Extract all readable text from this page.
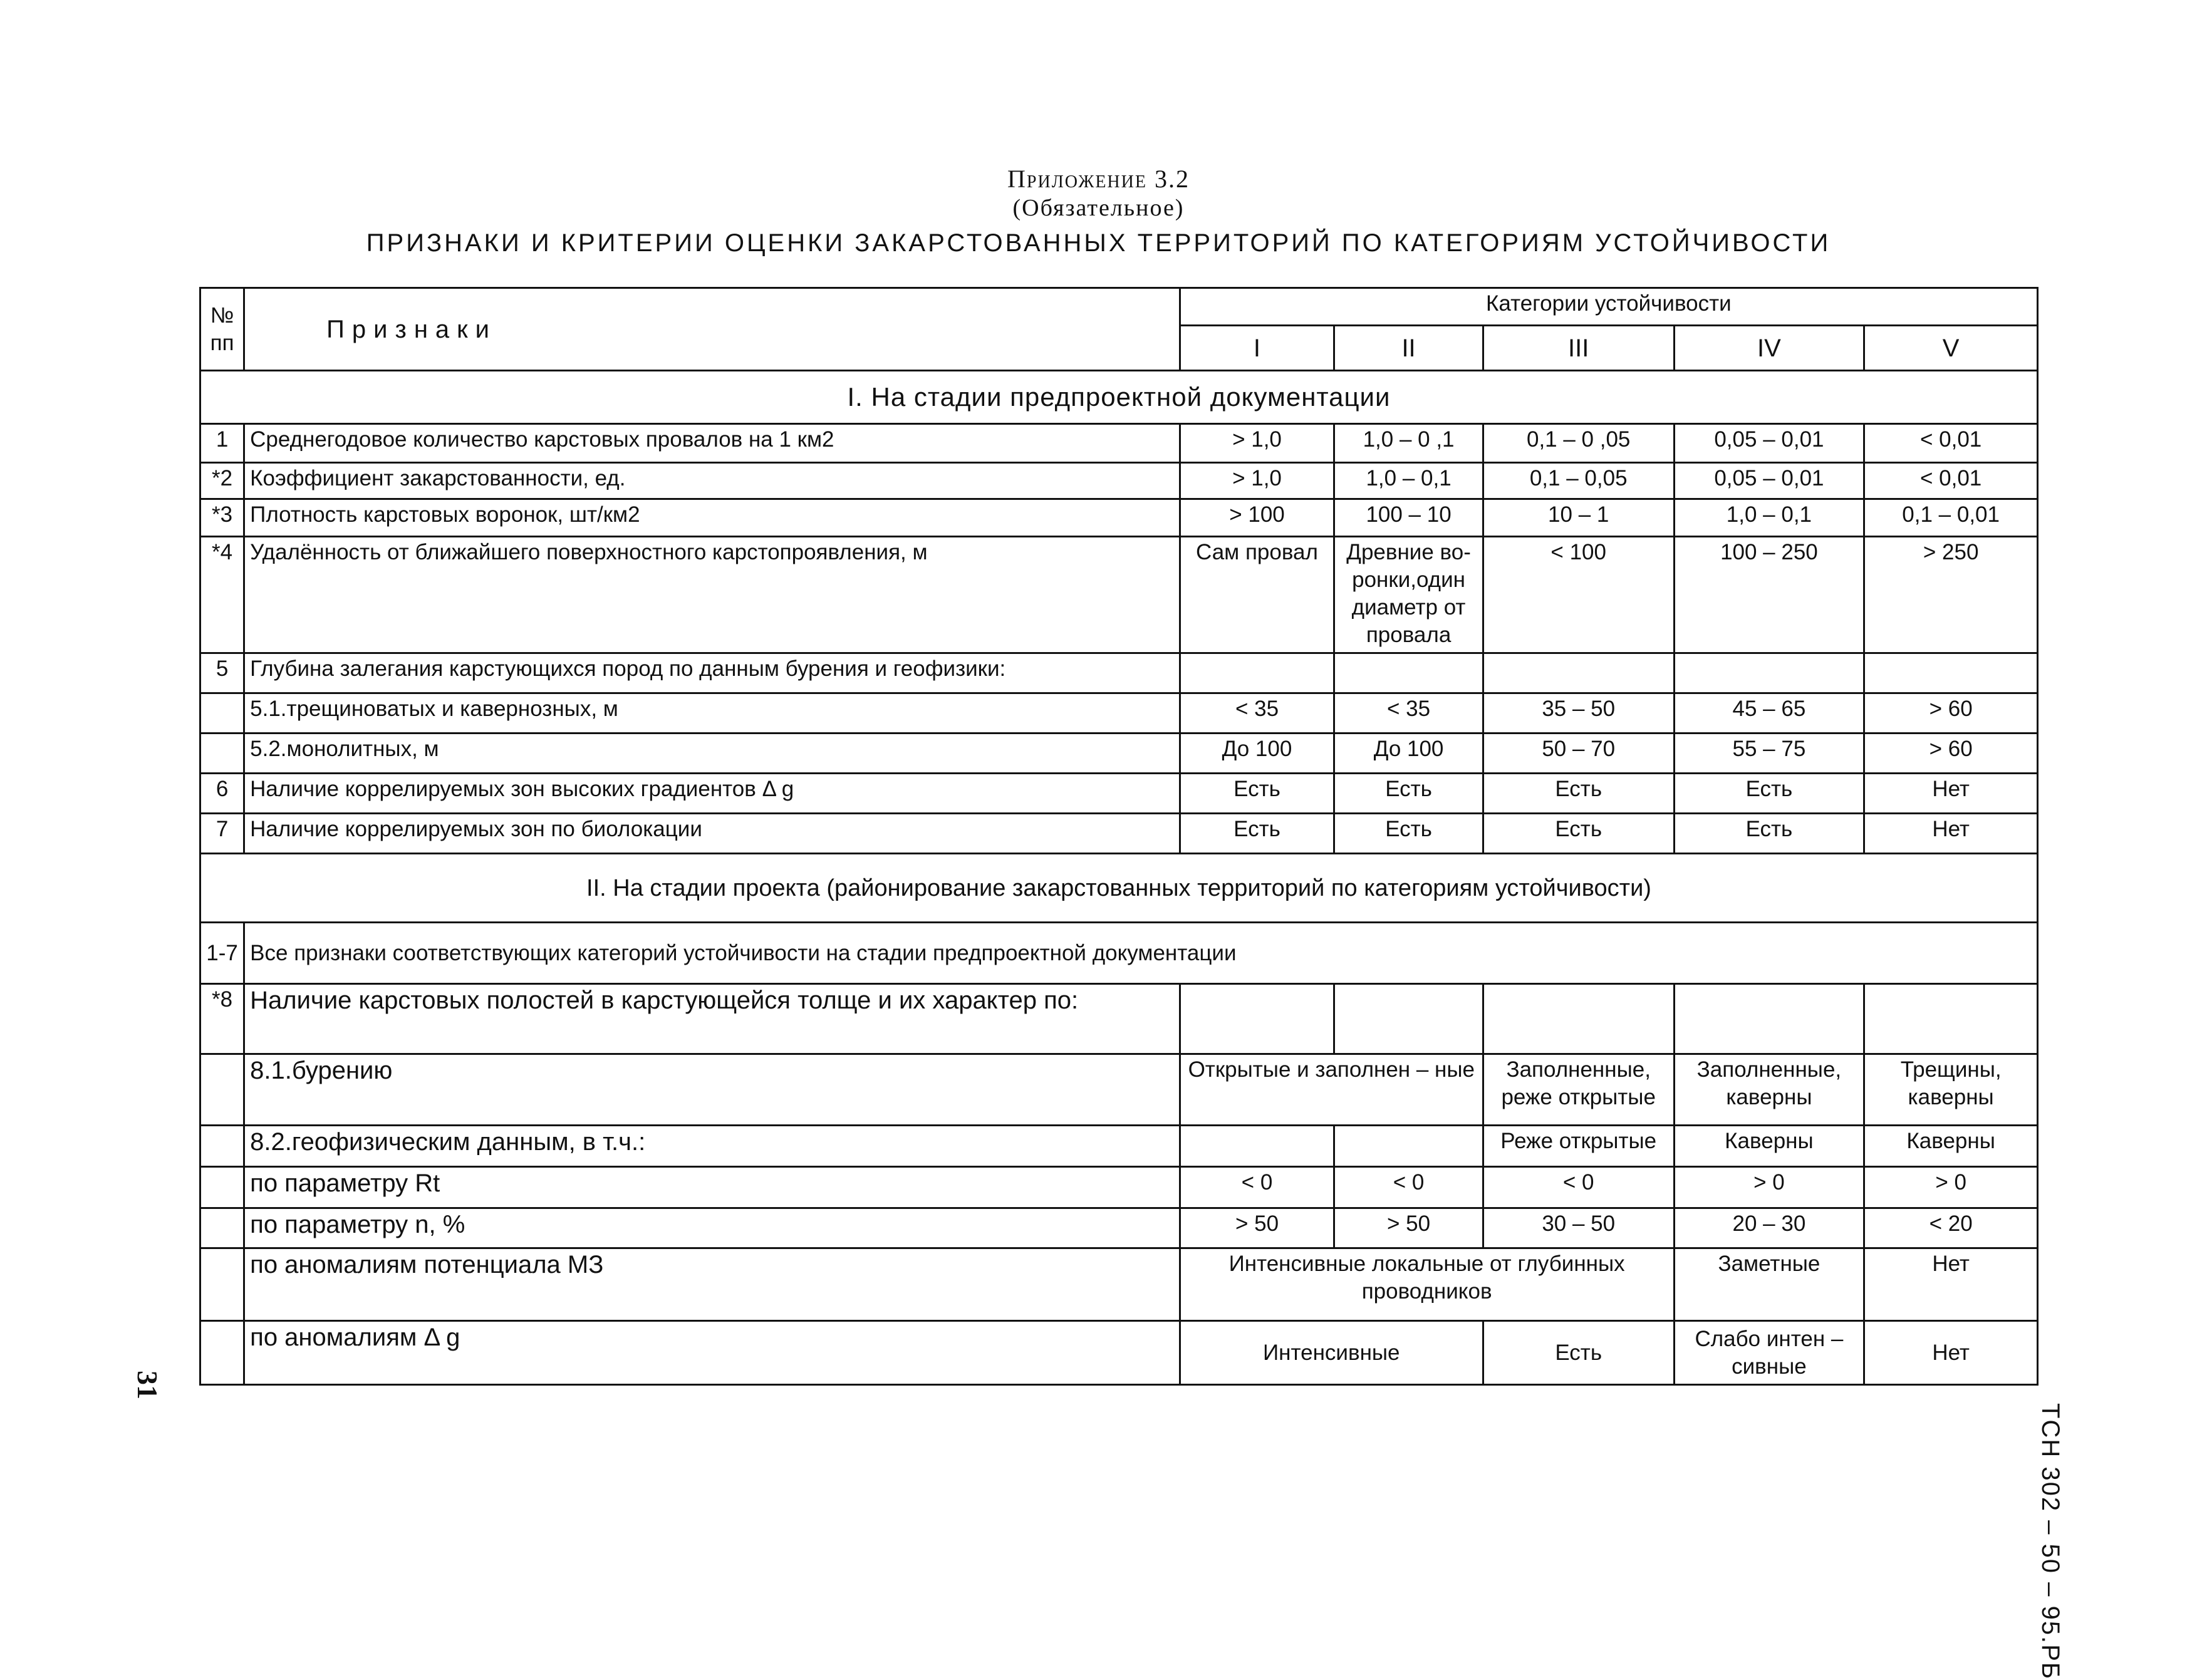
Приложение 3.2
(Обязательное)
ПРИЗНАКИ И КРИТЕРИИ ОЦЕНКИ ЗАКАРСТОВАННЫХ ТЕРРИТОРИЙ ПО КАТЕГОРИЯМ УСТОЙЧИВОСТИ
№ пп	Признаки	Категории устойчивости				
		I	II	III	IV	V
I. На стадии предпроектной документации						
1	Среднегодовое количество карстовых провалов на 1 км2	> 1,0	1,0 – 0 ,1	0,1 – 0 ,05	0,05 – 0,01	< 0,01
*2	Коэффициент закарстованности, ед.	> 1,0	1,0 – 0,1	0,1 – 0,05	0,05 – 0,01	< 0,01
*3	Плотность карстовых воронок, шт/км2	> 100	100 – 10	10 – 1	1,0 – 0,1	0,1 – 0,01
*4	Удалённость от ближайшего поверхностного карстопроявления, м	Сам провал	Древние во-ронки,один диаметр от провала	< 100	100 – 250	> 250
5	Глубина залегания карстующихся пород по данным бурения и геофизики:					
	5.1.трещиноватых и кавернозных, м	< 35	< 35	35 – 50	45 – 65	> 60
	5.2.монолитных, м	До 100	До 100	50 – 70	55 – 75	> 60
6	Наличие коррелируемых зон высоких градиентов Δ g	Есть	Есть	Есть	Есть	Нет
7	Наличие коррелируемых зон по биолокации	Есть	Есть	Есть	Есть	Нет
II. На стадии проекта (районирование закарстованных территорий по категориям устойчивости)						
1-7	Все признаки соответствующих категорий устойчивости на стадии предпроектной документации					
*8	Наличие карстовых полостей в карстующейся толще и их характер по:					
	8.1.бурению	Открытые и заполнен – ные		Заполненные, реже открытые	Заполненные, каверны	Трещины, каверны
	8.2.геофизическим данным, в т.ч.:			Реже открытые	Каверны	Каверны
	по параметру Rt	< 0	< 0	< 0	> 0	> 0
	по параметру n, %	> 50	> 50	30 – 50	20 – 30	< 20
	по аномалиям потенциала МЗ	Интенсивные локальные от глубинных проводников			Заметные	Нет
	по аномалиям Δ g	Интенсивные		Есть	Слабо интен – сивные	Нет
ТСН 302 – 50 – 95.РБ
31
